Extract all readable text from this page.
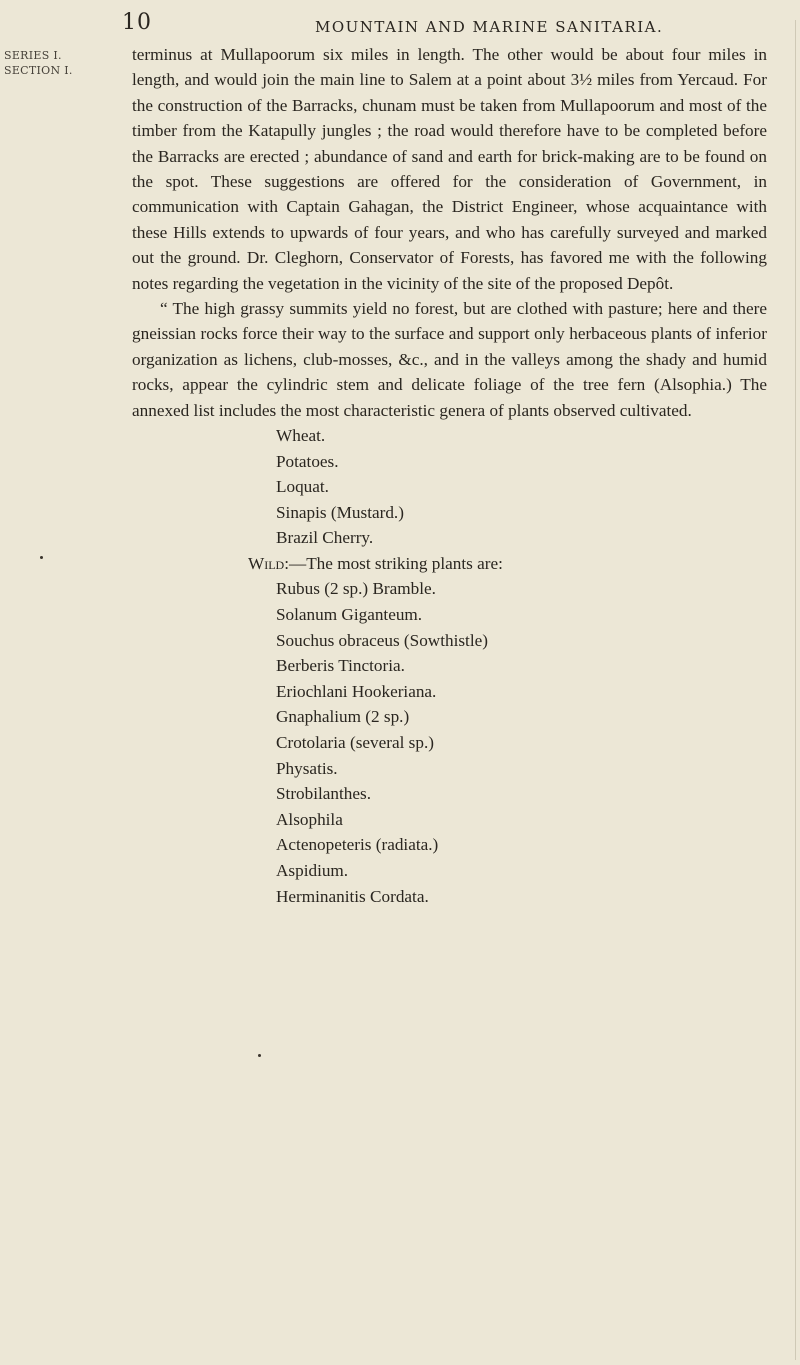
10	MOUNTAIN AND MARINE SANITARIA.
SERIES I.
SECTION I.

terminus at Mullapoorum six miles in length. The other would be about four miles in length, and would join the main line to Salem at a point about 3½ miles from Yercaud. For the construction of the Barracks, chunam must be taken from Mullapoorum and most of the timber from the Katapully jungles ; the road would therefore have to be completed before the Barracks are erected ; abundance of sand and earth for brick-making are to be found on the spot. These suggestions are offered for the consideration of Government, in communication with Captain Gahagan, the District Engineer, whose acquaintance with these Hills extends to upwards of four years, and who has carefully surveyed and marked out the ground. Dr. Cleghorn, Conservator of Forests, has favored me with the following notes regarding the vegetation in the vicinity of the site of the proposed Depôt.

“ The high grassy summits yield no forest, but are clothed with pasture; here and there gneissian rocks force their way to the surface and support only herbaceous plants of inferior organization as lichens, club-mosses, &c., and in the valleys among the shady and humid rocks, appear the cylindric stem and delicate foliage of the tree fern (Alsophia.) The annexed list includes the most characteristic genera of plants observed cultivated.

Wheat.
Potatoes.
Loquat.
Sinapis (Mustard.)
Brazil Cherry.

Wild:—The most striking plants are:

Rubus (2 sp.) Bramble.
Solanum Giganteum.
Souchus obraceus (Sowthistle)
Berberis Tinctoria.
Eriochlani Hookeriana.
Gnaphalium (2 sp.)
Crotolaria (several sp.)
Physatis.
Strobilanthes.
Alsophila
Actenopeteris (radiata.)
Aspidium.
Herminanitis Cordata.
